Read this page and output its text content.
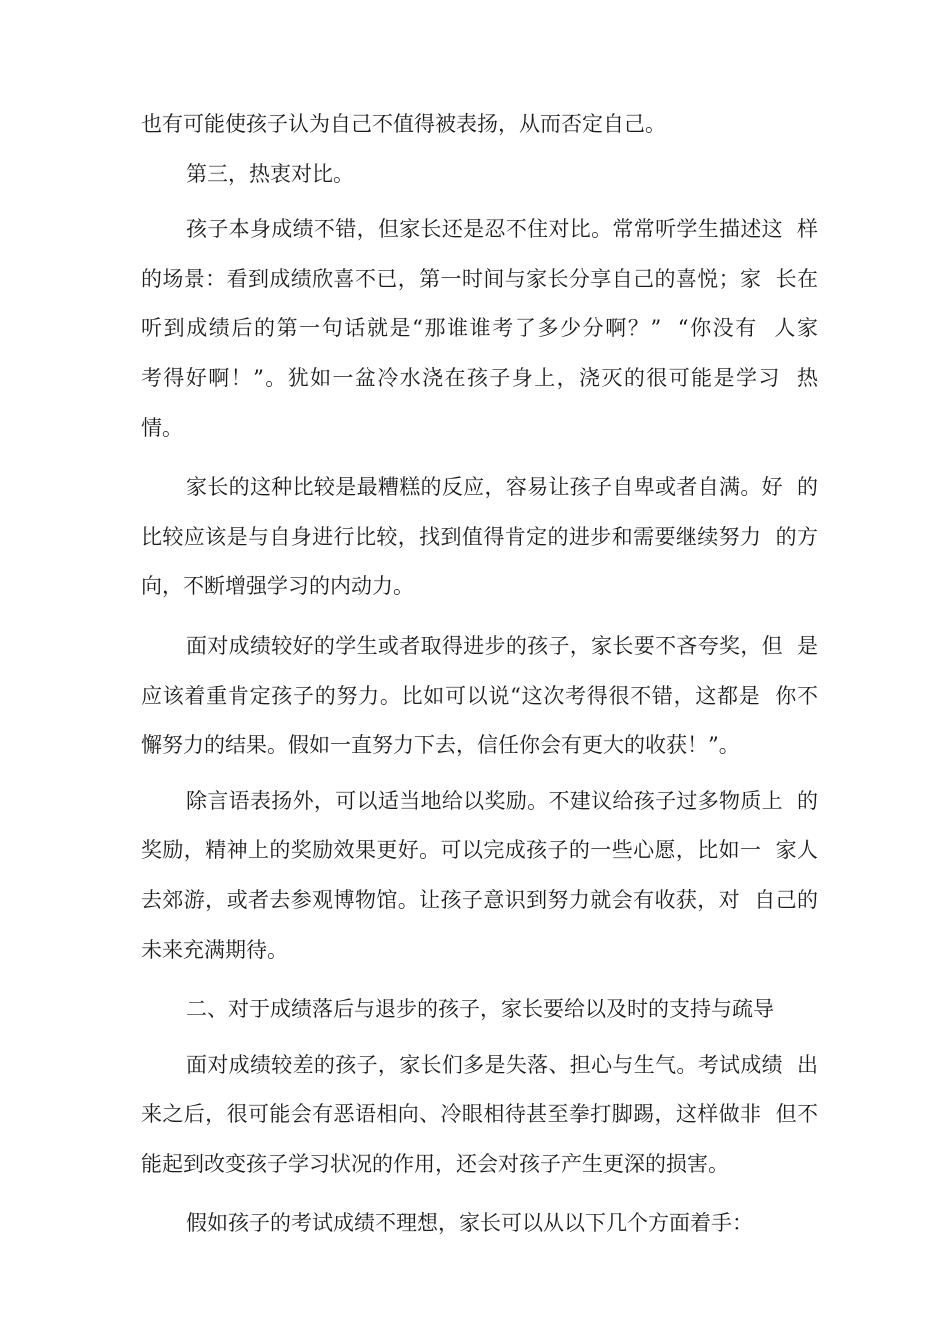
也有可能使孩子认为自己不值得被表扬，从而否定自己。
第三，热衷对比。
孩子本身成绩不错，但家长还是忍不住对比。常常听学生描述这  样
的场景：看到成绩欣喜不已，第一时间与家长分享自己的喜悦；家  长在
听到成绩后的第一句话就是“那谁谁考了多少分啊？”  “你没有  人家
考得好啊！”。犹如一盆冷水浇在孩子身上，浇灭的很可能是学习  热
情。
家长的这种比较是最糟糕的反应，容易让孩子自卑或者自满。好  的
比较应该是与自身进行比较，找到值得肯定的进步和需要继续努力  的方
向，不断增强学习的内动力。
面对成绩较好的学生或者取得进步的孩子，家长要不吝夸奖，但  是
应该着重肯定孩子的努力。比如可以说“这次考得很不错，这都是  你不
懈努力的结果。假如一直努力下去，信任你会有更大的收获！”。
除言语表扬外，可以适当地给以奖励。不建议给孩子过多物质上  的
奖励，精神上的奖励效果更好。可以完成孩子的一些心愿，比如一  家人
去郊游，或者去参观博物馆。让孩子意识到努力就会有收获，对  自己的
未来充满期待。
二、对于成绩落后与退步的孩子，家长要给以及时的支持与疏导
面对成绩较差的孩子，家长们多是失落、担心与生气。考试成绩  出
来之后，很可能会有恶语相向、冷眼相待甚至拳打脚踢，这样做非  但不
能起到改变孩子学习状况的作用，还会对孩子产生更深的损害。
假如孩子的考试成绩不理想，家长可以从以下几个方面着手：
